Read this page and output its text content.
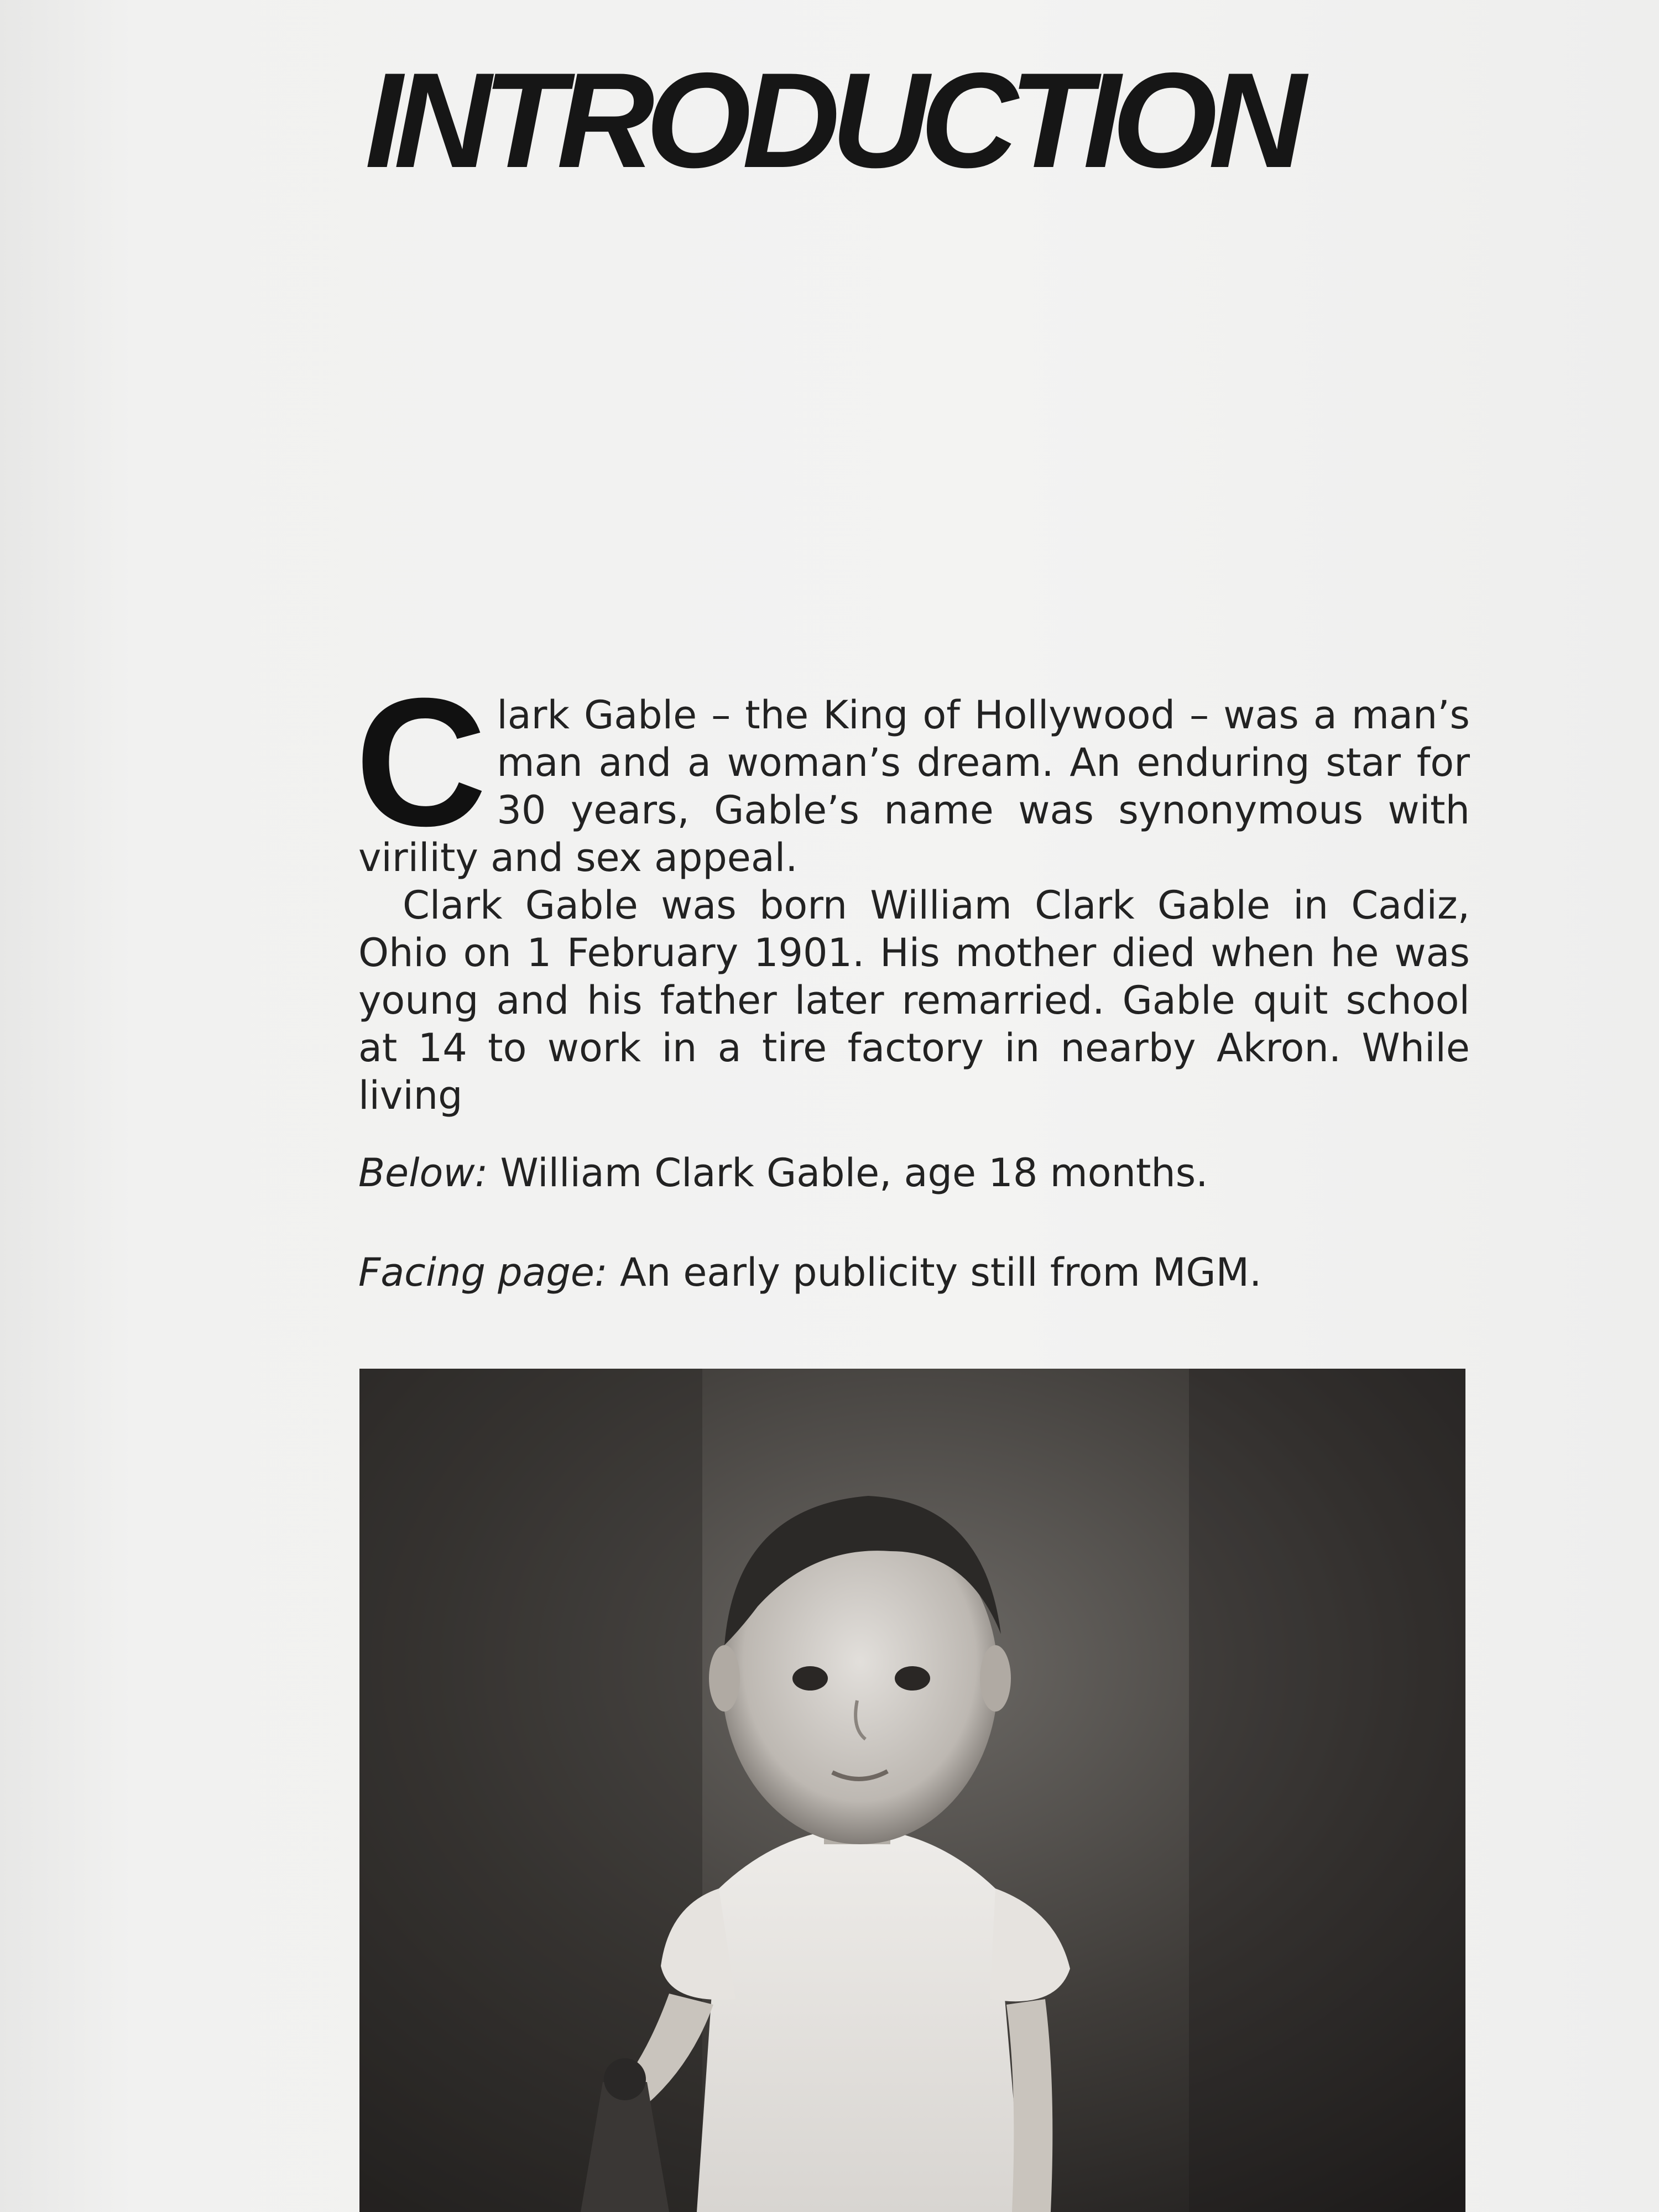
INTRODUCTION

Clark Gable – the King of Hollywood – was a man’s man and a woman’s dream. An enduring star for 30 years, Gable’s name was synonymous with virility and sex appeal.

Clark Gable was born William Clark Gable in Cadiz, Ohio on 1 February 1901. His mother died when he was young and his father later remarried. Gable quit school at 14 to work in a tire factory in nearby Akron. While living

Below: William Clark Gable, age 18 months.

Facing page: An early publicity still from MGM.
